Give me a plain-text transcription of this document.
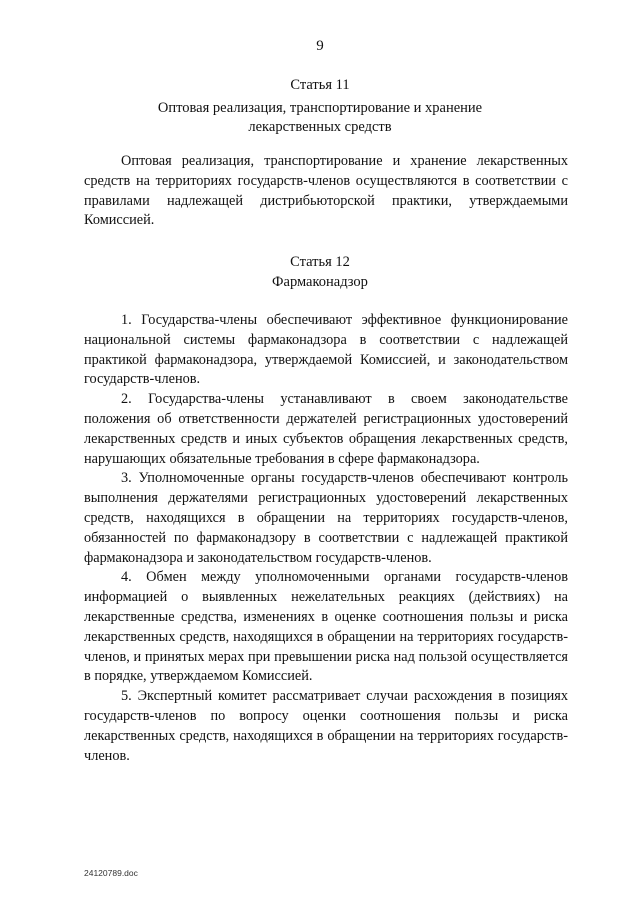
9
Статья 11
Оптовая реализация, транспортирование и хранение лекарственных средств

Оптовая реализация, транспортирование и хранение лекарственных средств на территориях государств-членов осуществляются в соответствии с правилами надлежащей дистрибьюторской практики, утверждаемыми Комиссией.

Статья 12
Фармаконадзор

1. Государства-члены обеспечивают эффективное функционирование национальной системы фармаконадзора в соответствии с надлежащей практикой фармаконадзора, утверждаемой Комиссией, и законодательством государств-членов.

2. Государства-члены устанавливают в своем законодательстве положения об ответственности держателей регистрационных удостоверений лекарственных средств и иных субъектов обращения лекарственных средств, нарушающих обязательные требования в сфере фармаконадзора.

3. Уполномоченные органы государств-членов обеспечивают контроль выполнения держателями регистрационных удостоверений лекарственных средств, находящихся в обращении на территориях государств-членов, обязанностей по фармаконадзору в соответствии с надлежащей практикой фармаконадзора и законодательством государств-членов.

4. Обмен между уполномоченными органами государств-членов информацией о выявленных нежелательных реакциях (действиях) на лекарственные средства, изменениях в оценке соотношения пользы и риска лекарственных средств, находящихся в обращении на территориях государств-членов, и принятых мерах при превышении риска над пользой осуществляется в порядке, утверждаемом Комиссией.

5. Экспертный комитет рассматривает случаи расхождения в позициях государств-членов по вопросу оценки соотношения пользы и риска лекарственных средств, находящихся в обращении на территориях государств-членов.

24120789.doc
